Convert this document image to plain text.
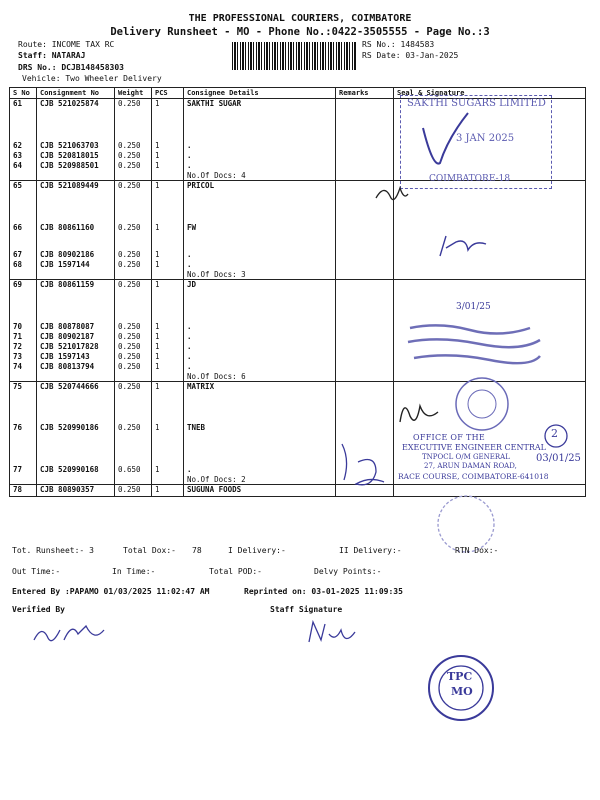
THE PROFESSIONAL COURIERS, COIMBATORE
Delivery Runsheet - MO - Phone No.:0422-3505555 - Page No.:3
Route: INCOME TAX RC
Staff: NATARAJ
DRS No.: DCJB148458303
Vehicle: Two Wheeler Delivery
RS No.: 1484583
RS Date: 03-Jan-2025
S No	Consignment No	Weight	PCS	Consignee Details	Remarks	Seal & Signature
61	CJB 521025874	0.250	1	SAKTHI SUGAR		
62	CJB 521063703	0.250	1	.		
63	CJB 520818015	0.250	1	.		
64	CJB 520988501	0.250	1	.		
				No.Of Docs: 4		
65	CJB 521089449	0.250	1	PRICOL		
66	CJB 80861160	0.250	1	FW		
67	CJB 80902186	0.250	1	.		
68	CJB 1597144	0.250	1	.		
				No.Of Docs: 3		
69	CJB 80861159	0.250	1	JD		
70	CJB 80878087	0.250	1	.		
71	CJB 80902187	0.250	1	.		
72	CJB 521017828	0.250	1	.		
73	CJB 1597143	0.250	1	.		
74	CJB 80813794	0.250	1	.		
				No.Of Docs: 6		
75	CJB 520744666	0.250	1	MATRIX		
76	CJB 520990186	0.250	1	TNEB		
77	CJB 520990168	0.650	1	.		
				No.Of Docs: 2		
78	CJB 80890357	0.250	1	SUGUNA FOODS		
SAKTHI SUGARS LIMITED
3 JAN 2025
COIMBATORE-18
3/01/25
OFFICE OF THE
EXECUTIVE ENGINEER CENTRAL
TNPOCL O/M GENERAL
27, ARUN DAMAN ROAD,
RACE COURSE, COIMBATORE-641018
03/01/25
2
Tot. Runsheet:- 3	Total Dox:- 78	I Delivery:-	II Delivery:-	RTN Dox:-
Out Time:-	In Time:-	Total POD:-	Delvy Points:-
Entered By :PAPAMO 01/03/2025 11:02:47 AM	Reprinted on: 03-01-2025 11:09:35
Verified By	Staff Signature
TPC
MO
